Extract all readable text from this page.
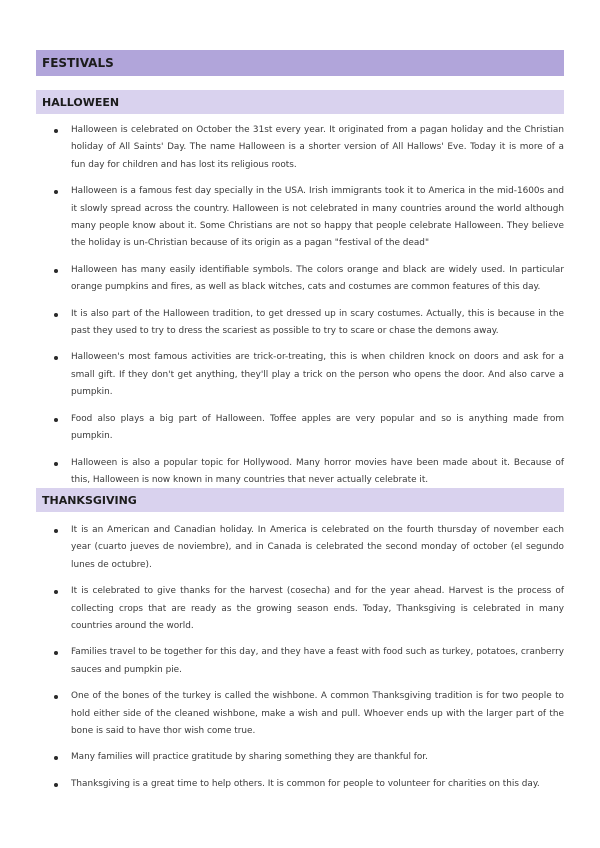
FESTIVALS
HALLOWEEN
Halloween is celebrated on October the 31st every year. It originated from a pagan holiday and the Christian holiday of All Saints' Day. The name Halloween is a shorter version of All Hallows' Eve. Today it is more of a fun day for children and has lost its religious roots.
Halloween is a famous fest day specially in the USA. Irish immigrants took it to America in the mid-1600s and it slowly spread across the country. Halloween is not celebrated in many countries around the world although many people know about it. Some Christians are not so happy that people celebrate Halloween. They believe the holiday is un-Christian because of its origin as a pagan "festival of the dead"
Halloween has many easily identifiable symbols. The colors orange and black are widely used. In particular orange pumpkins and fires, as well as black witches, cats and costumes are common features of this day.
It is also part of the Halloween tradition, to get dressed up in scary costumes. Actually, this is because in the past they used to try to dress the scariest as possible to try to scare or chase the demons away.
Halloween's most famous activities are trick-or-treating, this is when children knock on doors and ask for a small gift. If they don't get anything, they'll play a trick on the person who opens the door. And also carve a pumpkin.
Food also plays a big part of Halloween. Toffee apples are very popular and so is anything made from pumpkin.
Halloween is also a popular topic for Hollywood. Many horror movies have been made about it. Because of this, Halloween is now known in many countries that never actually celebrate it.
THANKSGIVING
It is an American and Canadian holiday. In America is celebrated on the fourth thursday of november each year (cuarto jueves de noviembre), and in Canada is celebrated the second monday of october (el segundo lunes de octubre).
It is celebrated to give thanks for the harvest (cosecha) and for the year ahead. Harvest is the process of collecting crops that are ready as the growing season ends. Today, Thanksgiving is celebrated in many countries around the world.
Families travel to be together for this day, and they have a feast with food such as turkey, potatoes, cranberry sauces and pumpkin pie.
One of the bones of the turkey is called the wishbone. A common Thanksgiving tradition is for two people to hold either side of the cleaned wishbone, make a wish and pull. Whoever ends up with the larger part of the bone is said to have thor wish come true.
Many families will practice gratitude by sharing something they are thankful for.
Thanksgiving is a great time to help others. It is common for people to volunteer for charities on this day.
